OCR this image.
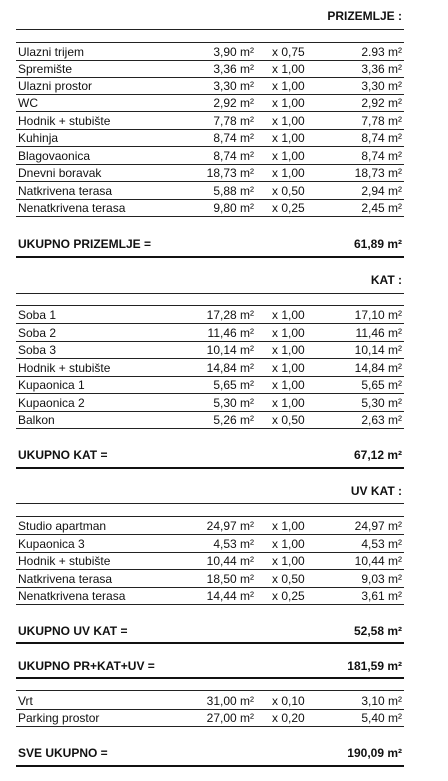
PRIZEMLJE :
Ulazni trijem	3,90 m² x 0,75	2.93 m²
Spremište	3,36 m² x 1,00	3,36 m²
Ulazni prostor	3,30 m² x 1,00	3,30 m²
WC	2,92 m² x 1,00	2,92 m²
Hodnik + stubište	7,78 m² x 1,00	7,78 m²
Kuhinja	8,74 m² x 1,00	8,74 m²
Blagovaonica	8,74 m² x 1,00	8,74 m²
Dnevni boravak	18,73 m² x 1,00	18,73 m²
Natkrivena terasa	5,88 m² x 0,50	2,94 m²
Nenatkrivena terasa	9,80 m² x 0,25	2,45 m²
UKUPNO PRIZEMLJE =	61,89 m²
KAT :
Soba 1	17,28 m² x 1,00	17,10 m²
Soba 2	11,46 m² x 1,00	11,46 m²
Soba 3	10,14 m² x 1,00	10,14 m²
Hodnik + stubište	14,84 m² x 1,00	14,84 m²
Kupaonica 1	5,65 m² x 1,00	5,65 m²
Kupaonica 2	5,30 m² x 1,00	5,30 m²
Balkon	5,26 m² x 0,50	2,63 m²
UKUPNO KAT =	67,12 m²
UV KAT :
Studio apartman	24,97 m² x 1,00	24,97 m²
Kupaonica 3	4,53 m² x 1,00	4,53 m²
Hodnik + stubište	10,44 m² x 1,00	10,44 m²
Natkrivena terasa	18,50 m² x 0,50	9,03 m²
Nenatkrivena terasa	14,44 m² x 0,25	3,61 m²
UKUPNO UV KAT =	52,58 m²
UKUPNO PR+KAT+UV =	181,59 m²
Vrt	31,00 m² x 0,10	3,10 m²
Parking prostor	27,00 m² x 0,20	5,40 m²
SVE UKUPNO =	190,09 m²
